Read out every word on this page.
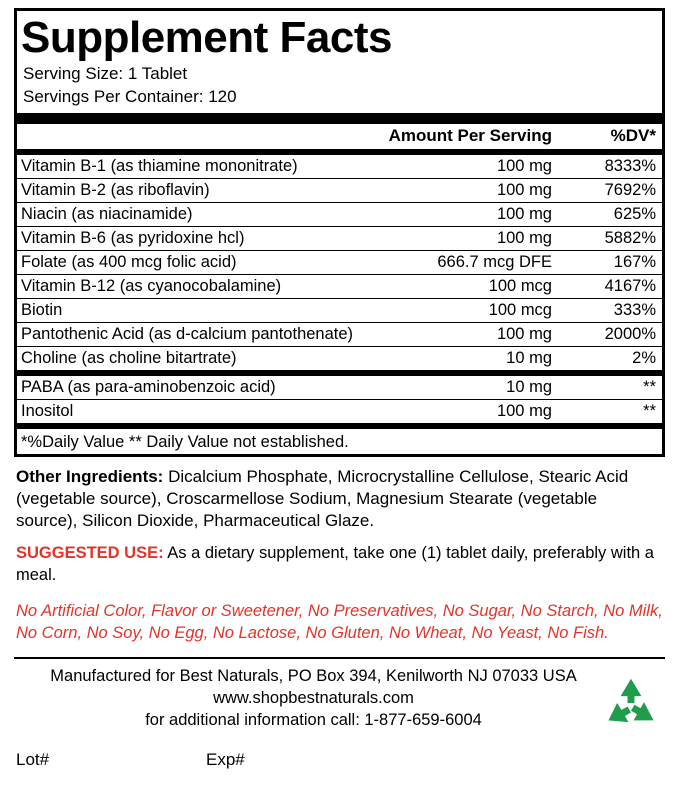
Supplement Facts
Serving Size: 1 Tablet
Servings Per Container: 120
	Amount Per Serving	%DV*
Vitamin B-1 (as thiamine mononitrate)	100 mg	8333%
Vitamin B-2 (as riboflavin)	100 mg	7692%
Niacin (as niacinamide)	100 mg	625%
Vitamin B-6 (as pyridoxine hcl)	100 mg	5882%
Folate (as 400 mcg folic acid)	666.7 mcg DFE	167%
Vitamin B-12 (as cyanocobalamine)	100 mcg	4167%
Biotin	100 mcg	333%
Pantothenic Acid (as d-calcium pantothenate)	100 mg	2000%
Choline (as choline bitartrate)	10 mg	2%
PABA (as para-aminobenzoic acid)	10 mg	**
Inositol	100 mg	**
*%Daily Value ** Daily Value not established.
Other Ingredients: Dicalcium Phosphate, Microcrystalline Cellulose, Stearic Acid (vegetable source), Croscarmellose Sodium, Magnesium Stearate (vegetable source), Silicon Dioxide, Pharmaceutical Glaze.
SUGGESTED USE: As a dietary supplement, take one (1) tablet daily, preferably with a meal.
No Artificial Color, Flavor or Sweetener, No Preservatives, No Sugar, No Starch, No Milk, No Corn, No Soy, No Egg, No Lactose, No Gluten, No Wheat, No Yeast, No Fish.
Manufactured for Best Naturals, PO Box 394, Kenilworth NJ 07033 USA
www.shopbestnaturals.com
for additional information call: 1-877-659-6004
Lot#	Exp#
